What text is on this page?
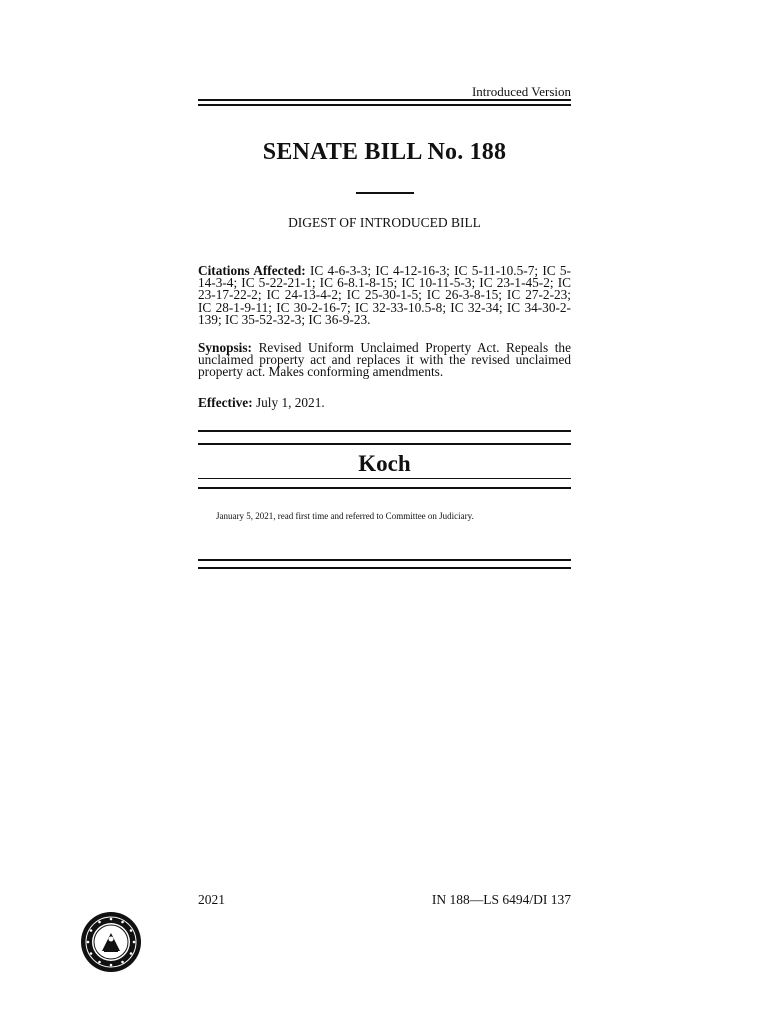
Introduced Version
SENATE BILL No. 188
DIGEST OF INTRODUCED BILL
Citations Affected: IC 4-6-3-3; IC 4-12-16-3; IC 5-11-10.5-7; IC 5-14-3-4; IC 5-22-21-1; IC 6-8.1-8-15; IC 10-11-5-3; IC 23-1-45-2; IC 23-17-22-2; IC 24-13-4-2; IC 25-30-1-5; IC 26-3-8-15; IC 27-2-23; IC 28-1-9-11; IC 30-2-16-7; IC 32-33-10.5-8; IC 32-34; IC 34-30-2-139; IC 35-52-32-3; IC 36-9-23.
Synopsis: Revised Uniform Unclaimed Property Act. Repeals the unclaimed property act and replaces it with the revised unclaimed property act. Makes conforming amendments.
Effective: July 1, 2021.
Koch
January 5, 2021, read first time and referred to Committee on Judiciary.
2021	IN 188—LS 6494/DI 137
